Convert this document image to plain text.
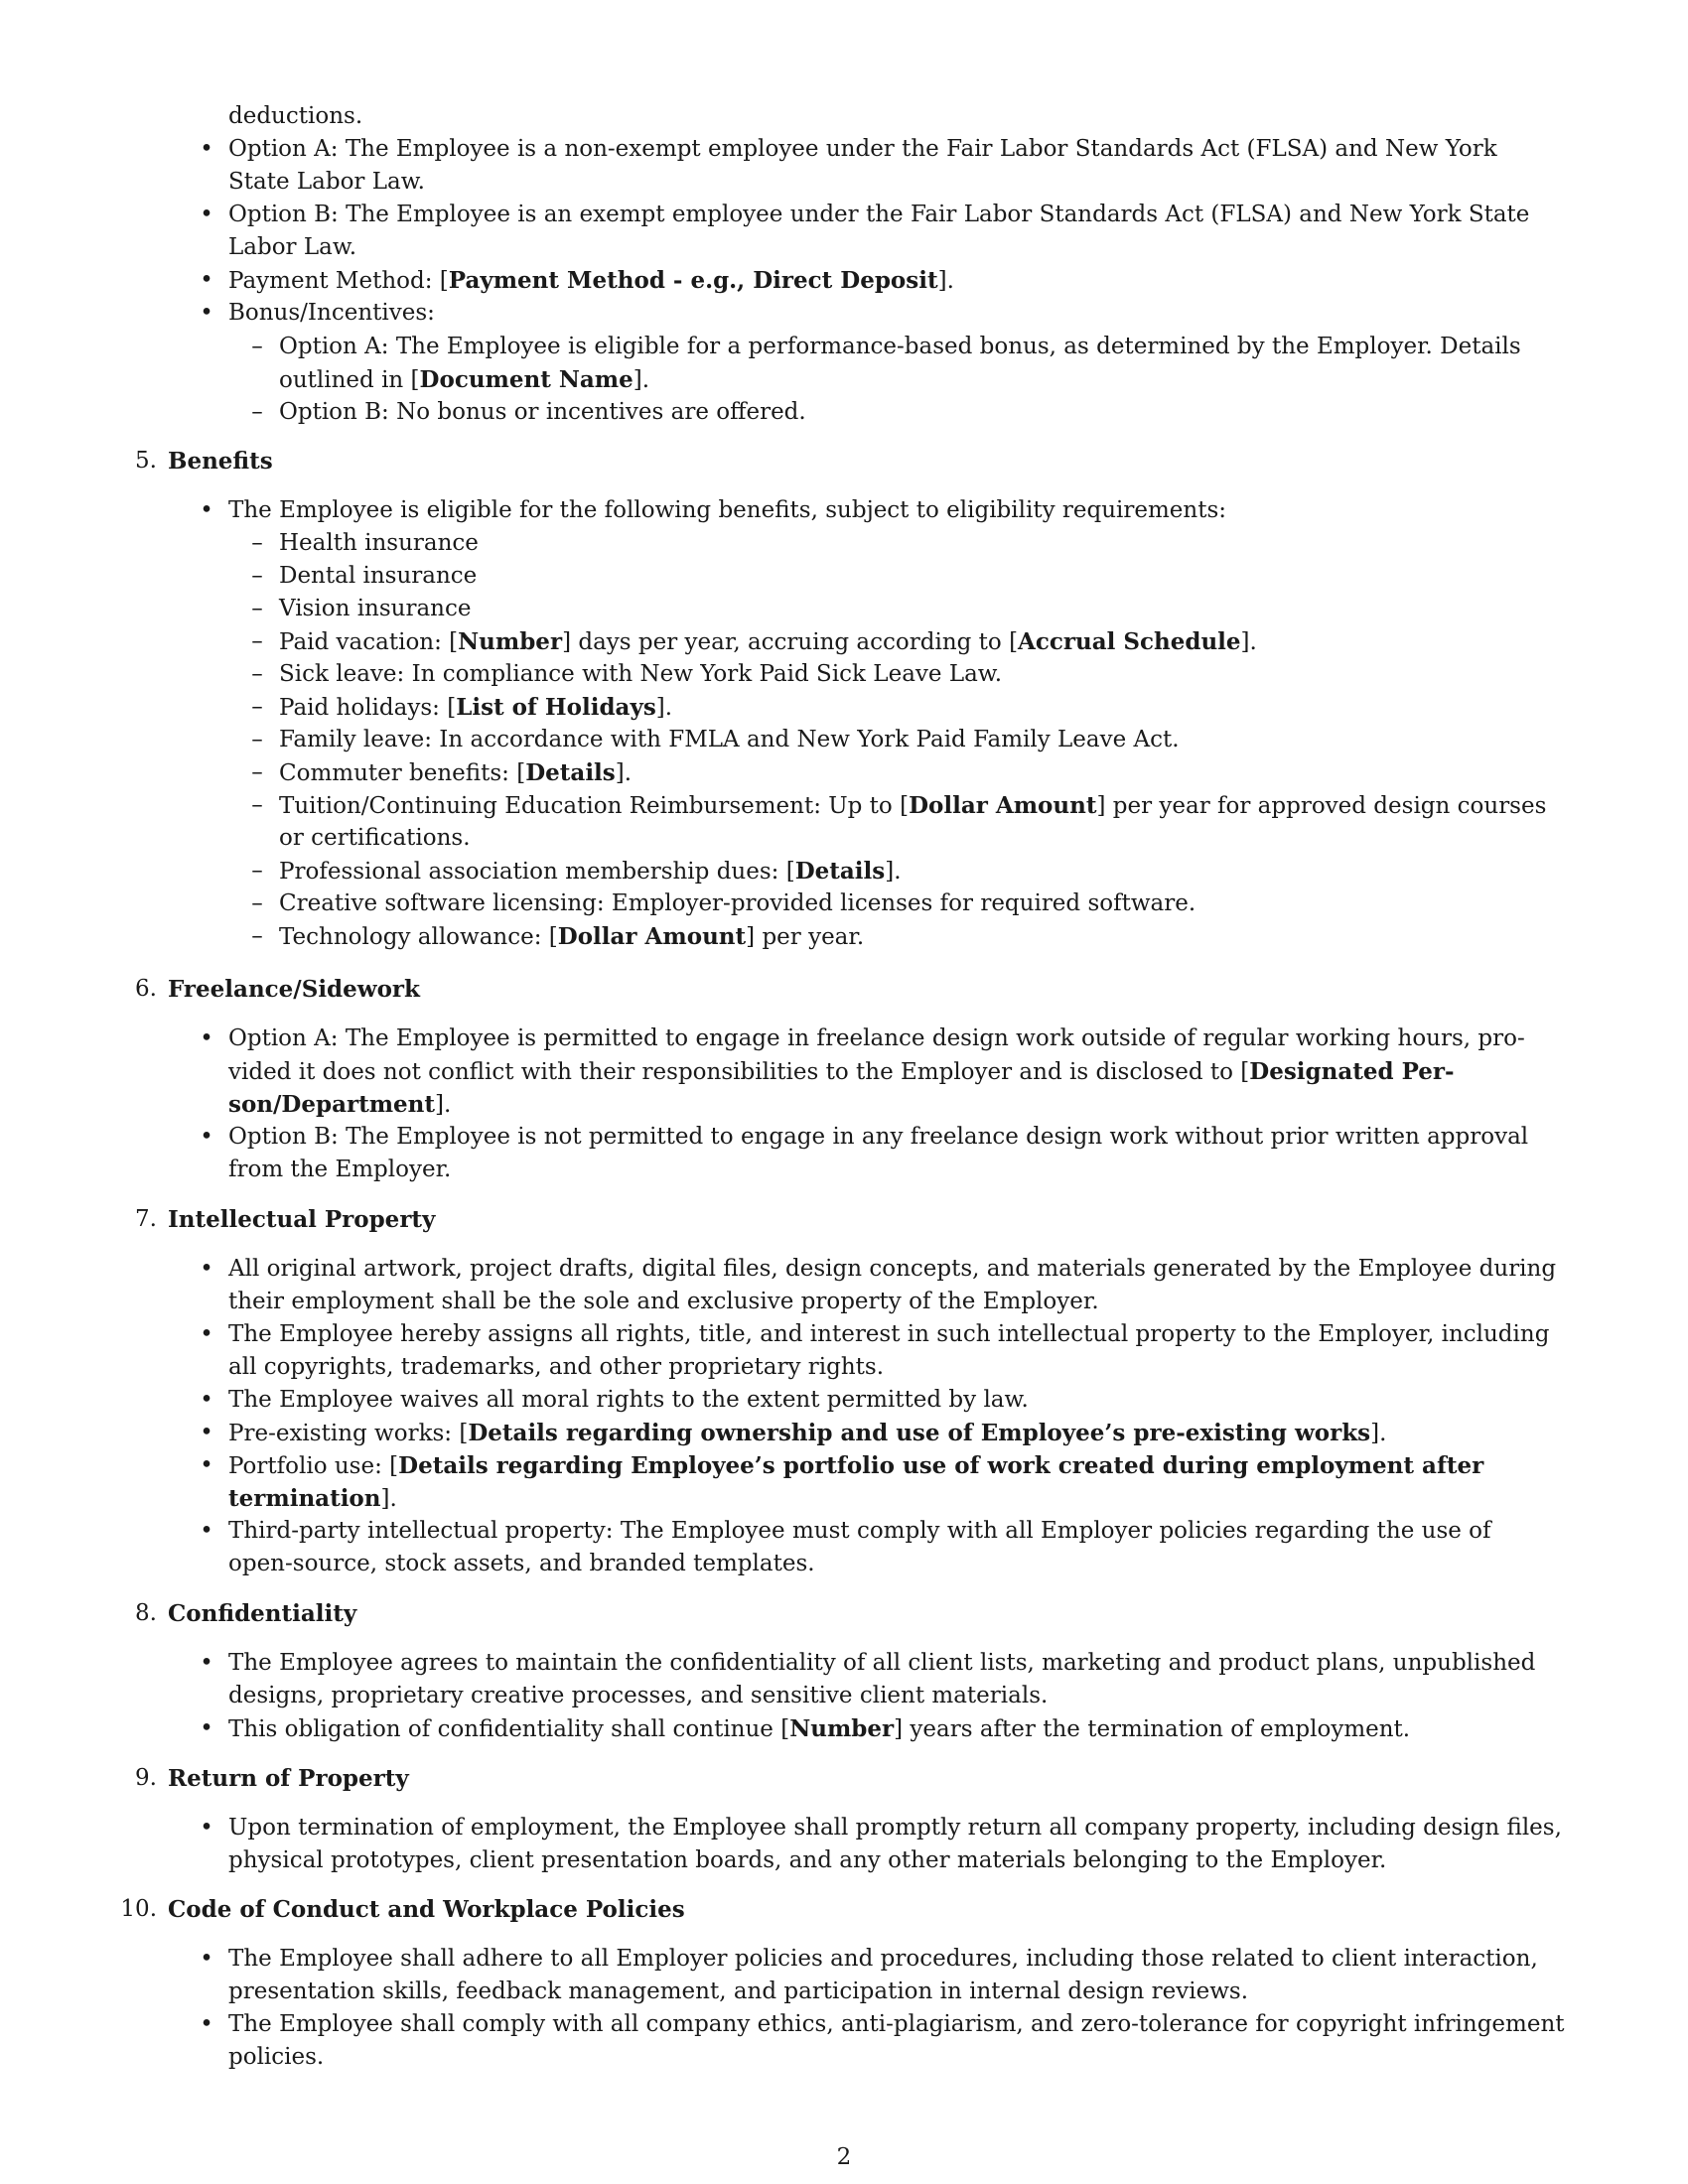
deductions.
• Option A: The Employee is a non-exempt employee under the Fair Labor Standards Act (FLSA) and New York
State Labor Law.
• Option B: The Employee is an exempt employee under the Fair Labor Standards Act (FLSA) and New York State
Labor Law.
• Payment Method: [Payment Method - e.g., Direct Deposit].
• Bonus/Incentives:
– Option A: The Employee is eligible for a performance-based bonus, as determined by the Employer. Details
outlined in [Document Name].
– Option B: No bonus or incentives are offered.
5. Benefits
• The Employee is eligible for the following benefits, subject to eligibility requirements:
– Health insurance
– Dental insurance
– Vision insurance
– Paid vacation: [Number] days per year, accruing according to [Accrual Schedule].
– Sick leave: In compliance with New York Paid Sick Leave Law.
– Paid holidays: [List of Holidays].
– Family leave: In accordance with FMLA and New York Paid Family Leave Act.
– Commuter benefits: [Details].
– Tuition/Continuing Education Reimbursement: Up to [Dollar Amount] per year for approved design courses
or certifications.
– Professional association membership dues: [Details].
– Creative software licensing: Employer-provided licenses for required software.
– Technology allowance: [Dollar Amount] per year.
6. Freelance/Sidework
• Option A: The Employee is permitted to engage in freelance design work outside of regular working hours, pro-
vided it does not conflict with their responsibilities to the Employer and is disclosed to [Designated Per-
son/Department].
• Option B: The Employee is not permitted to engage in any freelance design work without prior written approval
from the Employer.
7. Intellectual Property
• All original artwork, project drafts, digital files, design concepts, and materials generated by the Employee during
their employment shall be the sole and exclusive property of the Employer.
• The Employee hereby assigns all rights, title, and interest in such intellectual property to the Employer, including
all copyrights, trademarks, and other proprietary rights.
• The Employee waives all moral rights to the extent permitted by law.
• Pre-existing works: [Details regarding ownership and use of Employee’s pre-existing works].
• Portfolio use: [Details regarding Employee’s portfolio use of work created during employment after
termination].
• Third-party intellectual property: The Employee must comply with all Employer policies regarding the use of
open-source, stock assets, and branded templates.
8. Confidentiality
• The Employee agrees to maintain the confidentiality of all client lists, marketing and product plans, unpublished
designs, proprietary creative processes, and sensitive client materials.
• This obligation of confidentiality shall continue [Number] years after the termination of employment.
9. Return of Property
• Upon termination of employment, the Employee shall promptly return all company property, including design files,
physical prototypes, client presentation boards, and any other materials belonging to the Employer.
10. Code of Conduct and Workplace Policies
• The Employee shall adhere to all Employer policies and procedures, including those related to client interaction,
presentation skills, feedback management, and participation in internal design reviews.
• The Employee shall comply with all company ethics, anti-plagiarism, and zero-tolerance for copyright infringement
policies.
2
